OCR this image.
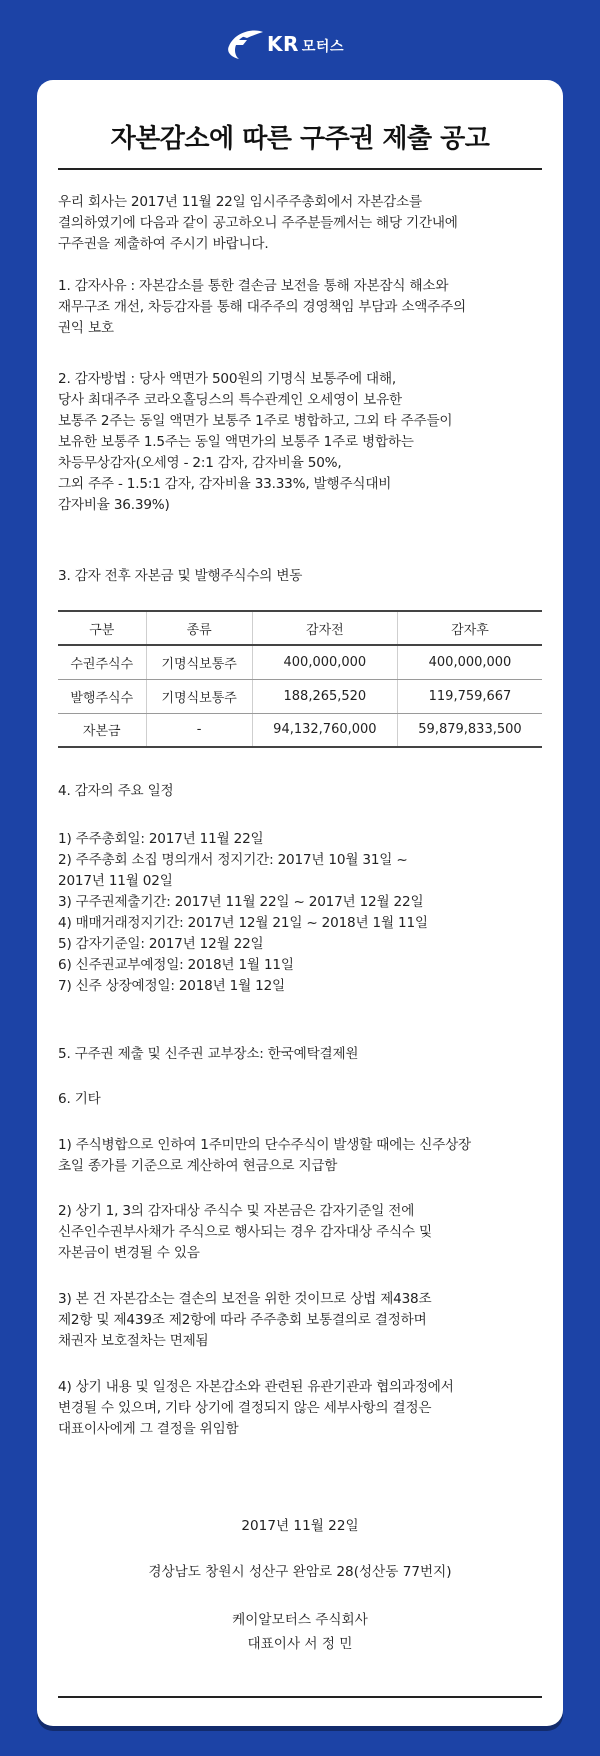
KR 모터스
자본감소에 따른 구주권 제출 공고
우리 회사는 2017년 11월 22일 임시주주총회에서 자본감소를
결의하였기에 다음과 같이 공고하오니 주주분들께서는 해당 기간내에
구주권을 제출하여 주시기 바랍니다.
1. 감자사유 : 자본감소를 통한 결손금 보전을 통해 자본잠식 해소와
재무구조 개선, 차등감자를 통해 대주주의 경영책임 부담과 소액주주의
권익 보호
2. 감자방법 : 당사 액면가 500원의 기명식 보통주에 대해,
당사 최대주주 코라오홀딩스의 특수관계인 오세영이 보유한
보통주 2주는 동일 액면가 보통주 1주로 병합하고, 그외 타 주주들이
보유한 보통주 1.5주는 동일 액면가의 보통주 1주로 병합하는
차등무상감자(오세영 - 2:1 감자, 감자비율 50%,
그외 주주 - 1.5:1 감자, 감자비율 33.33%, 발행주식대비
감자비율 36.39%)
3. 감자 전후 자본금 및 발행주식수의 변동
구분	종류	감자전	감자후
수권주식수	기명식보통주	400,000,000	400,000,000
발행주식수	기명식보통주	188,265,520	119,759,667
자본금	-	94,132,760,000	59,879,833,500
4. 감자의 주요 일정
1) 주주총회일: 2017년 11월 22일
2) 주주총회 소집 명의개서 정지기간: 2017년 10월 31일 ~
2017년 11월 02일
3) 구주권제출기간: 2017년 11월 22일 ~ 2017년 12월 22일
4) 매매거래정지기간: 2017년 12월 21일 ~ 2018년 1월 11일
5) 감자기준일: 2017년 12월 22일
6) 신주권교부예정일: 2018년 1월 11일
7) 신주 상장예정일: 2018년 1월 12일
5. 구주권 제출 및 신주권 교부장소: 한국예탁결제원
6. 기타
1) 주식병합으로 인하여 1주미만의 단수주식이 발생할 때에는 신주상장
초일 종가를 기준으로 계산하여 현금으로 지급함
2) 상기 1, 3의 감자대상 주식수 및 자본금은 감자기준일 전에
신주인수권부사채가 주식으로 행사되는 경우 감자대상 주식수 및
자본금이 변경될 수 있음
3) 본 건 자본감소는 결손의 보전을 위한 것이므로 상법 제438조
제2항 및 제439조 제2항에 따라 주주총회 보통결의로 결정하며
채권자 보호절차는 면제됨
4) 상기 내용 및 일정은 자본감소와 관련된 유관기관과 협의과정에서
변경될 수 있으며, 기타 상기에 결정되지 않은 세부사항의 결정은
대표이사에게 그 결정을 위임함
2017년 11월 22일
경상남도 창원시 성산구 완암로 28(성산동 77번지)
케이알모터스 주식회사
대표이사 서 정 민
